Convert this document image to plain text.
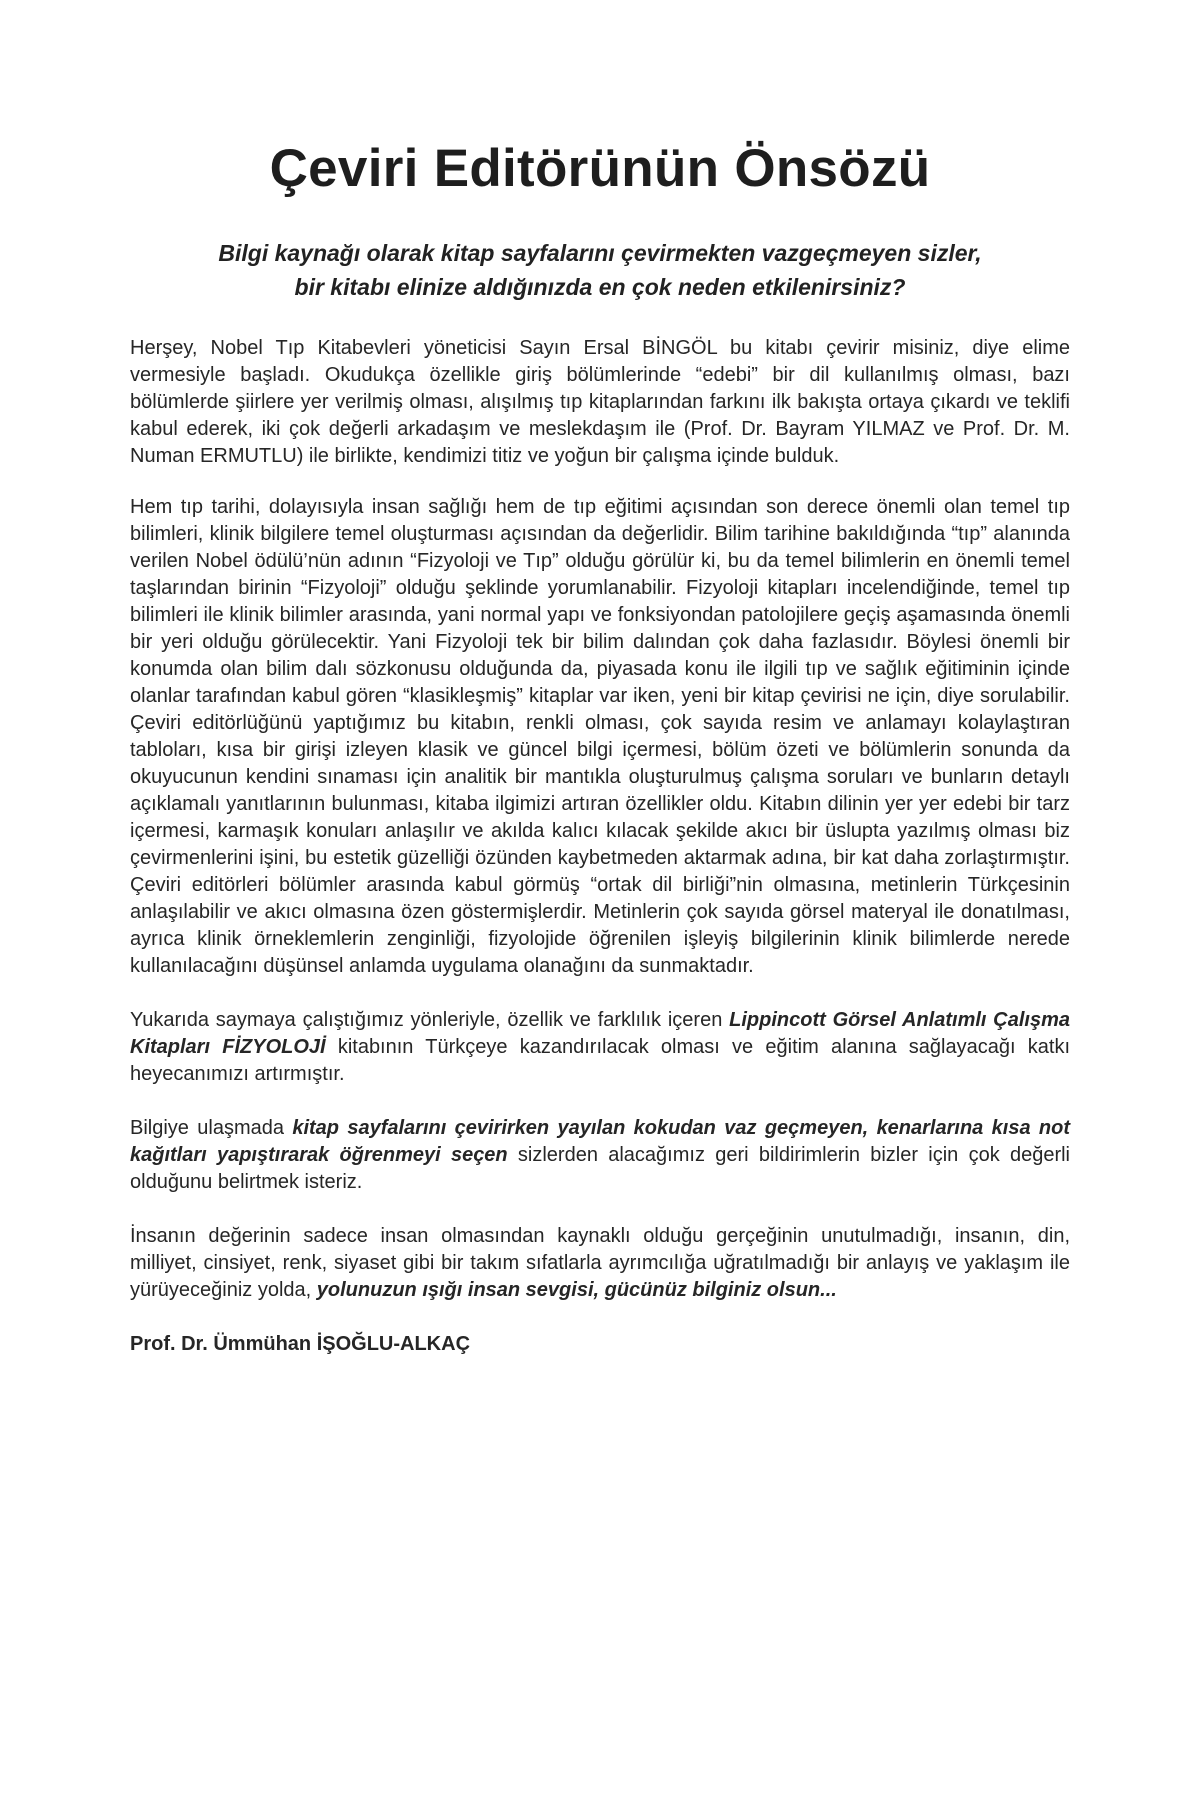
Çeviri Editörünün Önsözü
Bilgi kaynağı olarak kitap sayfalarını çevirmekten vazgeçmeyen sizler,
bir kitabı elinize aldığınızda en çok neden etkilenirsiniz?

Herşey, Nobel Tıp Kitabevleri yöneticisi Sayın Ersal BİNGÖL bu kitabı çevirir misiniz, diye elime vermesiyle başladı. Okudukça özellikle giriş bölümlerinde “edebi” bir dil kullanılmış olması, bazı bölümlerde şiirlere yer verilmiş olması, alışılmış tıp kitaplarından farkını ilk bakışta ortaya çıkardı ve teklifi kabul ederek, iki çok değerli arkadaşım ve meslekdaşım ile (Prof. Dr. Bayram YILMAZ ve Prof. Dr. M. Numan ERMUTLU) ile birlikte, kendimizi titiz ve yoğun bir çalışma içinde bulduk.

Hem tıp tarihi, dolayısıyla insan sağlığı hem de tıp eğitimi açısından son derece önemli olan temel tıp bilimleri, klinik bilgilere temel oluşturması açısından da değerlidir. Bilim tarihine bakıldığında “tıp” alanında verilen Nobel ödülü’nün adının “Fizyoloji ve Tıp” olduğu görülür ki, bu da temel bilimlerin en önemli temel taşlarından birinin “Fizyoloji” olduğu şeklinde yorumlanabilir. Fizyoloji kitapları incelendiğinde, temel tıp bilimleri ile klinik bilimler arasında, yani normal yapı ve fonksiyondan patolojilere geçiş aşamasında önemli bir yeri olduğu görülecektir. Yani Fizyoloji tek bir bilim dalından çok daha fazlasıdır. Böylesi önemli bir konumda olan bilim dalı sözkonusu olduğunda da, piyasada konu ile ilgili tıp ve sağlık eğitiminin içinde olanlar tarafından kabul gören “klasikleşmiş” kitaplar var iken, yeni bir kitap çevirisi ne için, diye sorulabilir. Çeviri editörlüğünü yaptığımız bu kitabın, renkli olması, çok sayıda resim ve anlamayı kolaylaştıran tabloları, kısa bir girişi izleyen klasik ve güncel bilgi içermesi, bölüm özeti ve bölümlerin sonunda da okuyucunun kendini sınaması için analitik bir mantıkla oluşturulmuş çalışma soruları ve bunların detaylı açıklamalı yanıtlarının bulunması, kitaba ilgimizi artıran özellikler oldu. Kitabın dilinin yer yer edebi bir tarz içermesi, karmaşık konuları anlaşılır ve akılda kalıcı kılacak şekilde akıcı bir üslupta yazılmış olması biz çevirmenlerini işini, bu estetik güzelliği özünden kaybetmeden aktarmak adına, bir kat daha zorlaştırmıştır. Çeviri editörleri bölümler arasında kabul görmüş “ortak dil birliği”nin olmasına, metinlerin Türkçesinin anlaşılabilir ve akıcı olmasına özen göstermişlerdir. Metinlerin çok sayıda görsel materyal ile donatılması, ayrıca klinik örneklemlerin zenginliği, fizyolojide öğrenilen işleyiş bilgilerinin klinik bilimlerde nerede kullanılacağını düşünsel anlamda uygulama olanağını da sunmaktadır.

Yukarıda saymaya çalıştığımız yönleriyle, özellik ve farklılık içeren Lippincott Görsel Anlatımlı Çalışma Kitapları FİZYOLOJİ kitabının Türkçeye kazandırılacak olması ve eğitim alanına sağlayacağı katkı heyecanımızı artırmıştır.

Bilgiye ulaşmada kitap sayfalarını çevirirken yayılan kokudan vaz geçmeyen, kenarlarına kısa not kağıtları yapıştırarak öğrenmeyi seçen sizlerden alacağımız geri bildirimlerin bizler için çok değerli olduğunu belirtmek isteriz.

İnsanın değerinin sadece insan olmasından kaynaklı olduğu gerçeğinin unutulmadığı, insanın, din, milliyet, cinsiyet, renk, siyaset gibi bir takım sıfatlarla ayrımcılığa uğratılmadığı bir anlayış ve yaklaşım ile yürüyeceğiniz yolda, yolunuzun ışığı insan sevgisi, gücünüz bilginiz olsun...

Prof. Dr. Ümmühan İŞOĞLU-ALKAÇ
